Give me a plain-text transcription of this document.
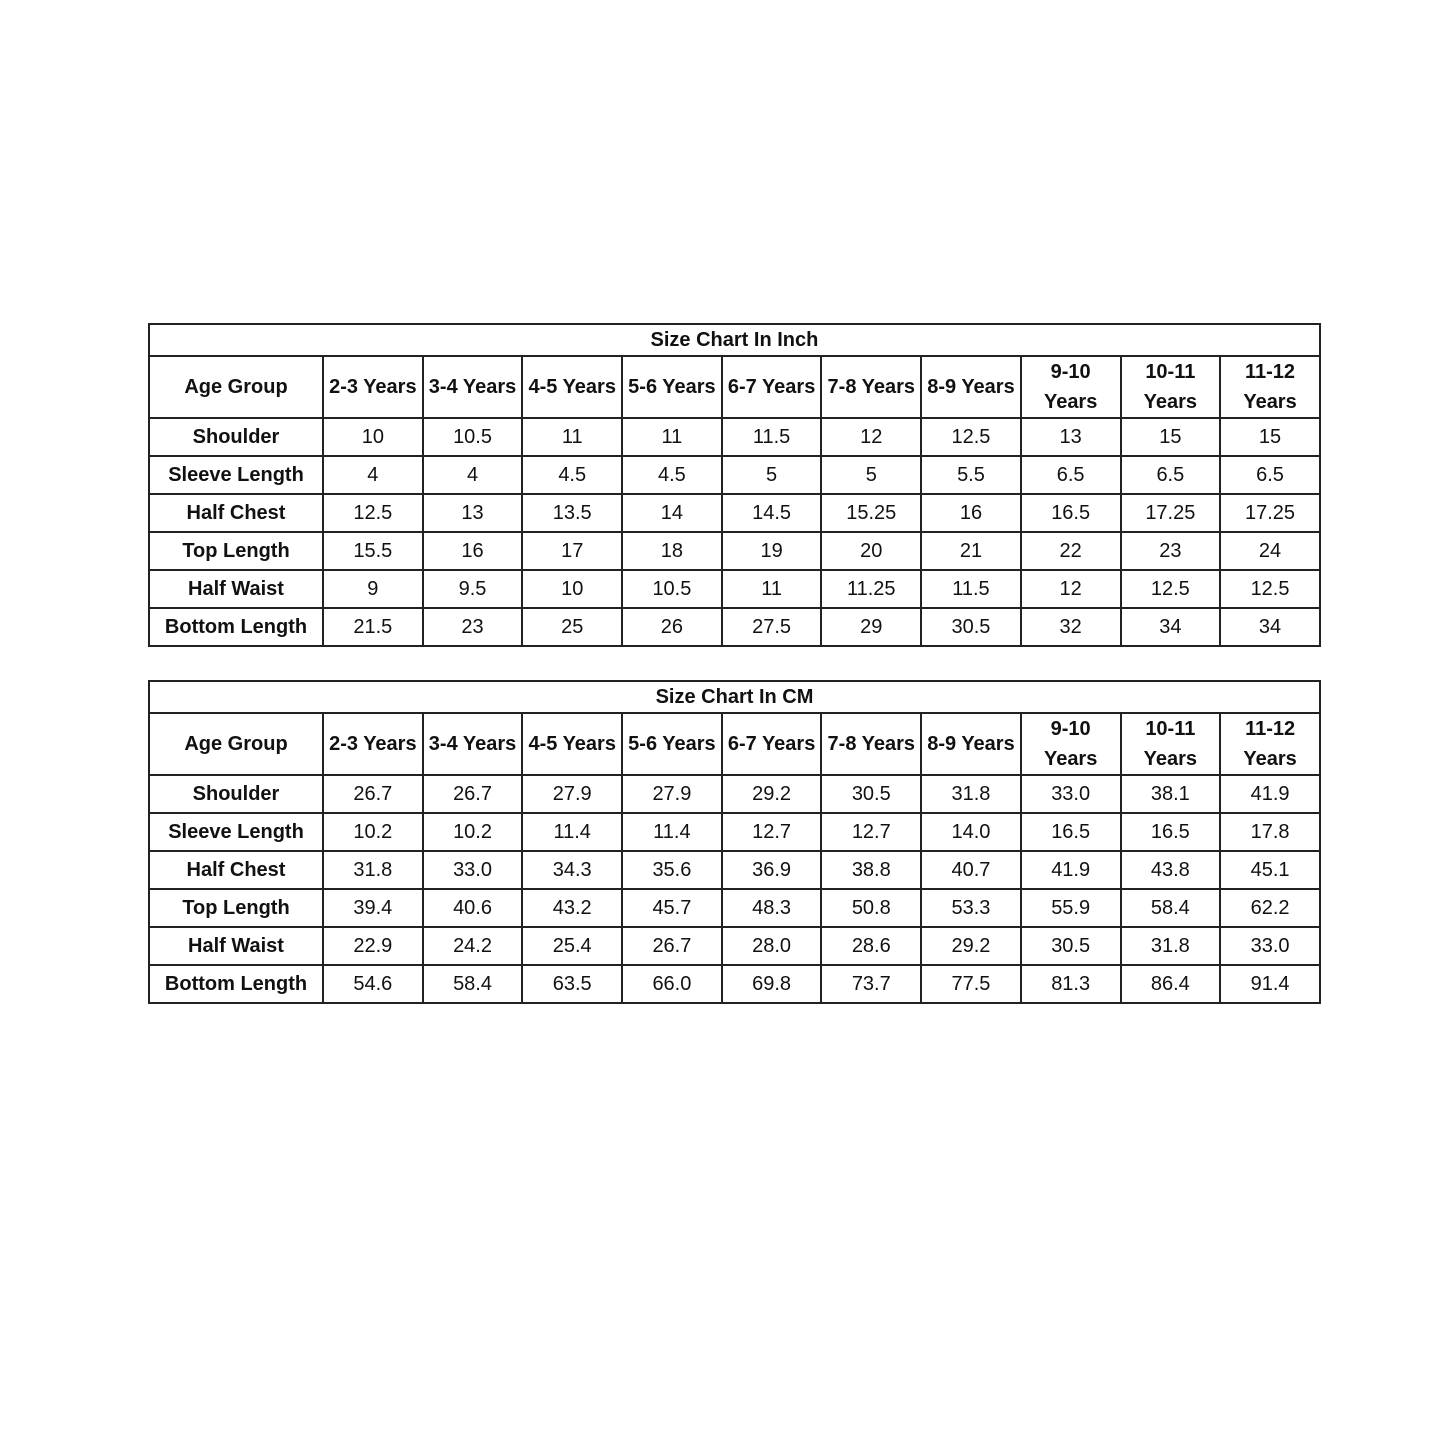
Size Chart In Inch										
Age Group	2-3 Years	3-4 Years	4-5 Years	5-6 Years	6-7 Years	7-8 Years	8-9 Years	9-10 Years	10-11 Years	11-12 Years
Shoulder	10	10.5	11	11	11.5	12	12.5	13	15	15
Sleeve Length	4	4	4.5	4.5	5	5	5.5	6.5	6.5	6.5
Half Chest	12.5	13	13.5	14	14.5	15.25	16	16.5	17.25	17.25
Top Length	15.5	16	17	18	19	20	21	22	23	24
Half Waist	9	9.5	10	10.5	11	11.25	11.5	12	12.5	12.5
Bottom Length	21.5	23	25	26	27.5	29	30.5	32	34	34
Size Chart In CM										
Age Group	2-3 Years	3-4 Years	4-5 Years	5-6 Years	6-7 Years	7-8 Years	8-9 Years	9-10 Years	10-11 Years	11-12 Years
Shoulder	26.7	26.7	27.9	27.9	29.2	30.5	31.8	33.0	38.1	41.9
Sleeve Length	10.2	10.2	11.4	11.4	12.7	12.7	14.0	16.5	16.5	17.8
Half Chest	31.8	33.0	34.3	35.6	36.9	38.8	40.7	41.9	43.8	45.1
Top Length	39.4	40.6	43.2	45.7	48.3	50.8	53.3	55.9	58.4	62.2
Half Waist	22.9	24.2	25.4	26.7	28.0	28.6	29.2	30.5	31.8	33.0
Bottom Length	54.6	58.4	63.5	66.0	69.8	73.7	77.5	81.3	86.4	91.4
